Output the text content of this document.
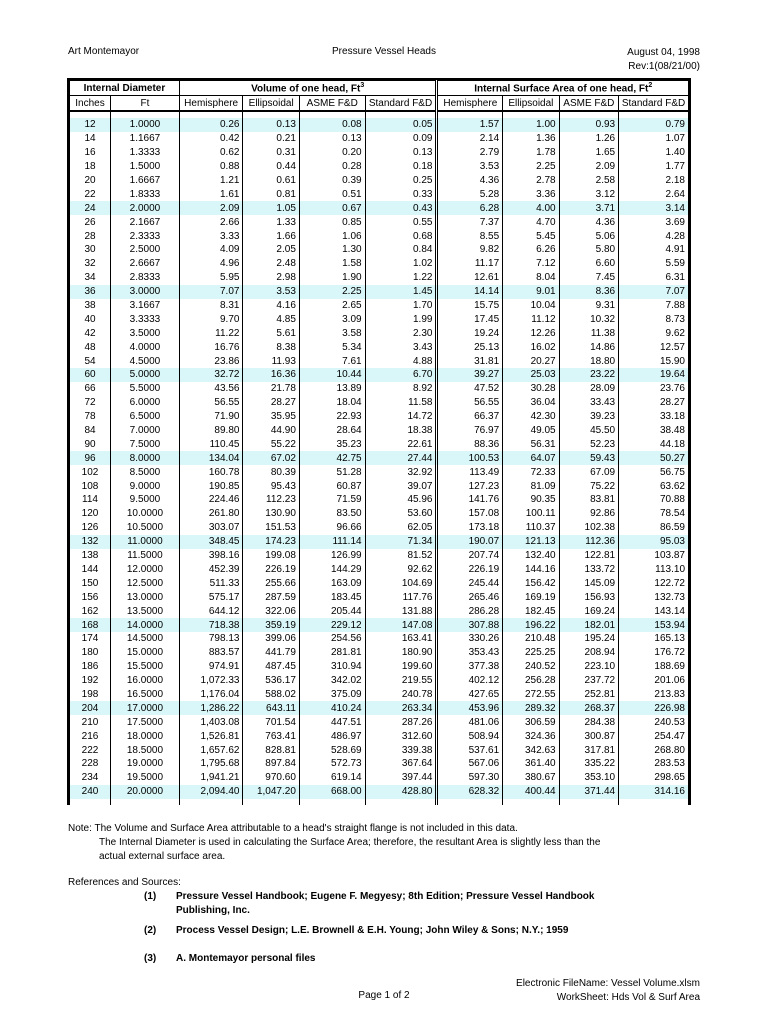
Art Montemayor	Pressure Vessel Heads	August 04, 1998
Rev:1(08/21/00)
Internal Diameter		Volume of one head, Ft$^3$				Internal Surface Area of one head, Ft$^2$
Inches	Ft	Hemisphere	Ellipsoidal	ASME F&D	Standard F&D	Hemisphere	Ellipsoidal	ASME F&D	Standard F&D

12	1.0000	0.26	0.13	0.08	0.05	1.57	1.00	0.93	0.79
14	1.1667	0.42	0.21	0.13	0.09	2.14	1.36	1.26	1.07
16	1.3333	0.62	0.31	0.20	0.13	2.79	1.78	1.65	1.40
18	1.5000	0.88	0.44	0.28	0.18	3.53	2.25	2.09	1.77
20	1.6667	1.21	0.61	0.39	0.25	4.36	2.78	2.58	2.18
22	1.8333	1.61	0.81	0.51	0.33	5.28	3.36	3.12	2.64
24	2.0000	2.09	1.05	0.67	0.43	6.28	4.00	3.71	3.14
26	2.1667	2.66	1.33	0.85	0.55	7.37	4.70	4.36	3.69
28	2.3333	3.33	1.66	1.06	0.68	8.55	5.45	5.06	4.28
30	2.5000	4.09	2.05	1.30	0.84	9.82	6.26	5.80	4.91
32	2.6667	4.96	2.48	1.58	1.02	11.17	7.12	6.60	5.59
34	2.8333	5.95	2.98	1.90	1.22	12.61	8.04	7.45	6.31
36	3.0000	7.07	3.53	2.25	1.45	14.14	9.01	8.36	7.07
38	3.1667	8.31	4.16	2.65	1.70	15.75	10.04	9.31	7.88
40	3.3333	9.70	4.85	3.09	1.99	17.45	11.12	10.32	8.73
42	3.5000	11.22	5.61	3.58	2.30	19.24	12.26	11.38	9.62
48	4.0000	16.76	8.38	5.34	3.43	25.13	16.02	14.86	12.57
54	4.5000	23.86	11.93	7.61	4.88	31.81	20.27	18.80	15.90
60	5.0000	32.72	16.36	10.44	6.70	39.27	25.03	23.22	19.64
66	5.5000	43.56	21.78	13.89	8.92	47.52	30.28	28.09	23.76
72	6.0000	56.55	28.27	18.04	11.58	56.55	36.04	33.43	28.27
78	6.5000	71.90	35.95	22.93	14.72	66.37	42.30	39.23	33.18
84	7.0000	89.80	44.90	28.64	18.38	76.97	49.05	45.50	38.48
90	7.5000	110.45	55.22	35.23	22.61	88.36	56.31	52.23	44.18
96	8.0000	134.04	67.02	42.75	27.44	100.53	64.07	59.43	50.27
102	8.5000	160.78	80.39	51.28	32.92	113.49	72.33	67.09	56.75
108	9.0000	190.85	95.43	60.87	39.07	127.23	81.09	75.22	63.62
114	9.5000	224.46	112.23	71.59	45.96	141.76	90.35	83.81	70.88
120	10.0000	261.80	130.90	83.50	53.60	157.08	100.11	92.86	78.54
126	10.5000	303.07	151.53	96.66	62.05	173.18	110.37	102.38	86.59
132	11.0000	348.45	174.23	111.14	71.34	190.07	121.13	112.36	95.03
138	11.5000	398.16	199.08	126.99	81.52	207.74	132.40	122.81	103.87
144	12.0000	452.39	226.19	144.29	92.62	226.19	144.16	133.72	113.10
150	12.5000	511.33	255.66	163.09	104.69	245.44	156.42	145.09	122.72
156	13.0000	575.17	287.59	183.45	117.76	265.46	169.19	156.93	132.73
162	13.5000	644.12	322.06	205.44	131.88	286.28	182.45	169.24	143.14
168	14.0000	718.38	359.19	229.12	147.08	307.88	196.22	182.01	153.94
174	14.5000	798.13	399.06	254.56	163.41	330.26	210.48	195.24	165.13
180	15.0000	883.57	441.79	281.81	180.90	353.43	225.25	208.94	176.72
186	15.5000	974.91	487.45	310.94	199.60	377.38	240.52	223.10	188.69
192	16.0000	1,072.33	536.17	342.02	219.55	402.12	256.28	237.72	201.06
198	16.5000	1,176.04	588.02	375.09	240.78	427.65	272.55	252.81	213.83
204	17.0000	1,286.22	643.11	410.24	263.34	453.96	289.32	268.37	226.98
210	17.5000	1,403.08	701.54	447.51	287.26	481.06	306.59	284.38	240.53
216	18.0000	1,526.81	763.41	486.97	312.60	508.94	324.36	300.87	254.47
222	18.5000	1,657.62	828.81	528.69	339.38	537.61	342.63	317.81	268.80
228	19.0000	1,795.68	897.84	572.73	367.64	567.06	361.40	335.22	283.53
234	19.5000	1,941.21	970.60	619.14	397.44	597.30	380.67	353.10	298.65
240	20.0000	2,094.40	1,047.20	668.00	428.80	628.32	400.44	371.44	314.16

Note: The Volume and Surface Area attributable to a head's straight flange is not included in this data.
The Internal Diameter is used in calculating the Surface Area; therefore, the resultant Area is slightly less than the
actual external surface area.
References and Sources:
(1) Pressure Vessel Handbook; Eugene F. Megyesy; 8th Edition; Pressure Vessel Handbook Publishing, Inc.
(2) Process Vessel Design; L.E. Brownell & E.H. Young; John Wiley & Sons; N.Y.; 1959
(3) A. Montemayor personal files
Page 1 of 2
Electronic FileName: Vessel Volume.xlsm
WorkSheet: Hds Vol & Surf Area
